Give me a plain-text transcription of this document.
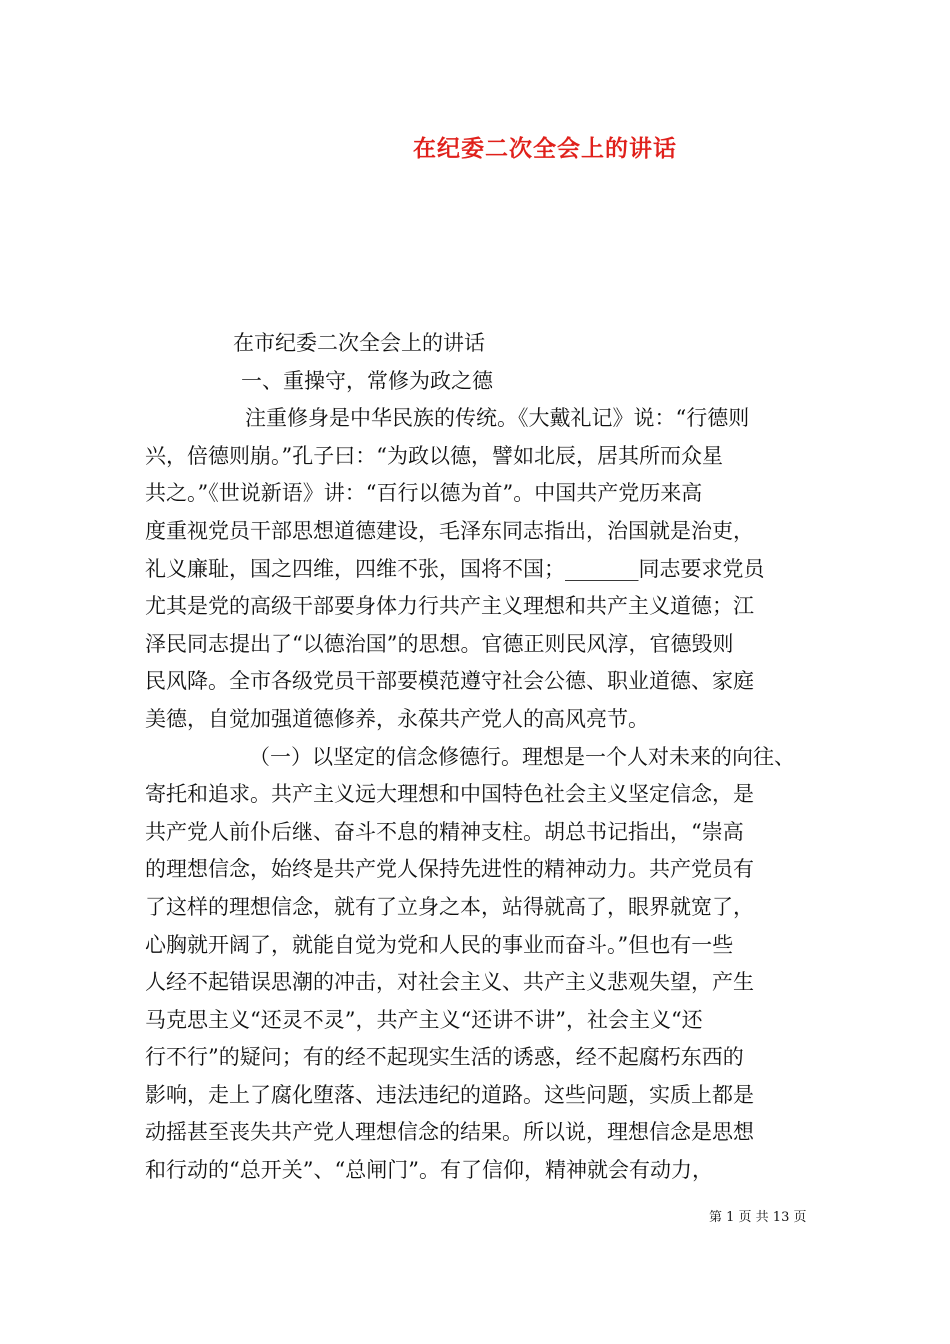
在纪委二次全会上的讲话

在市纪委二次全会上的讲话

一、重操守，常修为政之德

注重修身是中华民族的传统。《大戴礼记》说：“行德则

兴，倍德则崩。”孔子曰：“为政以德，譬如北辰，居其所而众星

共之。”《世说新语》讲：“百行以德为首”。中国共产党历来高

度重视党员干部思想道德建设，毛泽东同志指出，治国就是治吏，

礼义廉耻，国之四维，四维不张，国将不国；_______同志要求党员

尤其是党的高级干部要身体力行共产主义理想和共产主义道德；江

泽民同志提出了“以德治国”的思想。官德正则民风淳，官德毁则

民风降。全市各级党员干部要模范遵守社会公德、职业道德、家庭

美德，自觉加强道德修养，永葆共产党人的高风亮节。

（一）以坚定的信念修德行。理想是一个人对未来的向往、

寄托和追求。共产主义远大理想和中国特色社会主义坚定信念，是

共产党人前仆后继、奋斗不息的精神支柱。胡总书记指出，“崇高

的理想信念，始终是共产党人保持先进性的精神动力。共产党员有

了这样的理想信念，就有了立身之本，站得就高了，眼界就宽了，

心胸就开阔了，就能自觉为党和人民的事业而奋斗。”但也有一些

人经不起错误思潮的冲击，对社会主义、共产主义悲观失望，产生

马克思主义“还灵不灵”，共产主义“还讲不讲”，社会主义“还

行不行”的疑问；有的经不起现实生活的诱惑，经不起腐朽东西的

影响，走上了腐化堕落、违法违纪的道路。这些问题，实质上都是

动摇甚至丧失共产党人理想信念的结果。所以说，理想信念是思想

和行动的“总开关”、“总闸门”。有了信仰，精神就会有动力，

第 1 页 共 13 页
